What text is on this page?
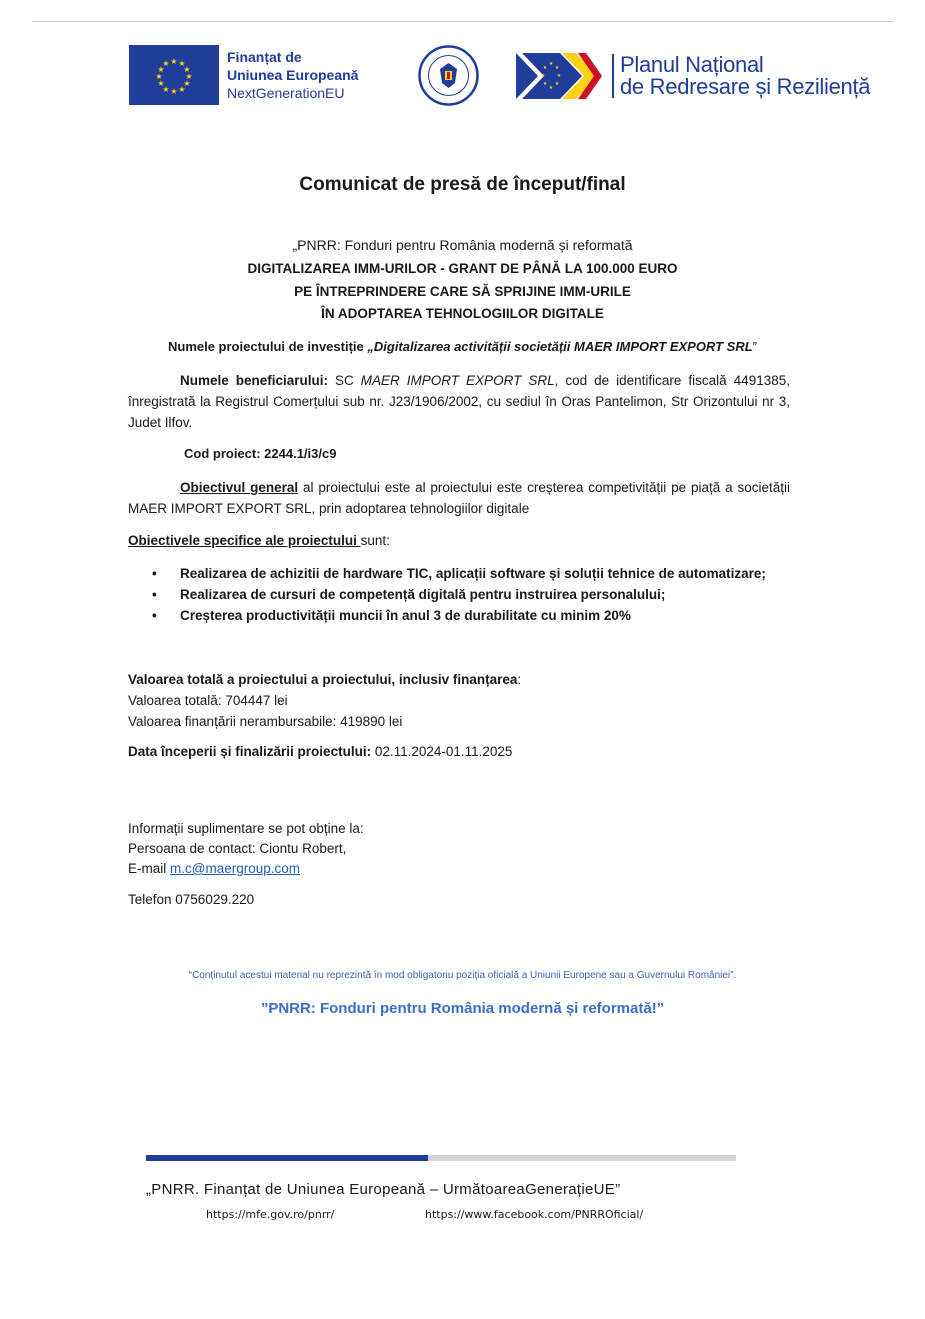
★ ★
★
★
★
★
★
★
★
★
★
★	Finanțat de
Uniunea Europeană
NextGenerationEU
★
★
★
★
★
★
★
★	Planul Național
de Redresare și Reziliență
Comunicat de presă de început/final
„PNRR: Fonduri pentru România modernă și reformată
DIGITALIZAREA IMM-URILOR - GRANT DE PÂNĂ LA 100.000 EURO
PE ÎNTREPRINDERE CARE SĂ SPRIJINE IMM-URILE
ÎN ADOPTAREA TEHNOLOGIILOR DIGITALE
Numele proiectului de investiție „Digitalizarea activității societății MAER IMPORT EXPORT SRL”
Numele beneficiarului: SC MAER IMPORT EXPORT SRL, cod de identificare fiscală 4491385, înregistrată la Registrul Comerțului sub nr. J23/1906/2002, cu sediul în Oras Pantelimon, Str Orizontului nr 3, Judet Ilfov.
Cod proiect: 2244.1/i3/c9
Obiectivul general al proiectului este al proiectului este creșterea competivității pe piață a societății MAER IMPORT EXPORT SRL, prin adoptarea tehnologiilor digitale
Obiectivele specifice ale proiectului sunt:
• Realizarea de achizitii de hardware TIC, aplicații software și soluții tehnice de automatizare;
• Realizarea de cursuri de competență digitală pentru instruirea personalului;
• Creșterea productivității muncii în anul 3 de durabilitate cu minim 20%
Valoarea totală a proiectului a proiectului, inclusiv finanțarea:
Valoarea totală: 704447 lei
Valoarea finanțării nerambursabile: 419890 lei
Data începerii și finalizării proiectului: 02.11.2024-01.11.2025
Informații suplimentare se pot obține la:
Persoana de contact: Ciontu Robert,
E-mail m.c@maergroup.com
Telefon 0756029.220
“Conținutul acestui material nu reprezintă în mod obligatoriu poziția oficială a Uniunii Europene sau a Guvernului României”.
”PNRR: Fonduri pentru România modernă și reformată!”
„PNRR. Finanțat de Uniunea Europeană – UrmătoareaGenerațieUE”
https://mfe.gov.ro/pnrr/	https://www.facebook.com/PNRROficial/
